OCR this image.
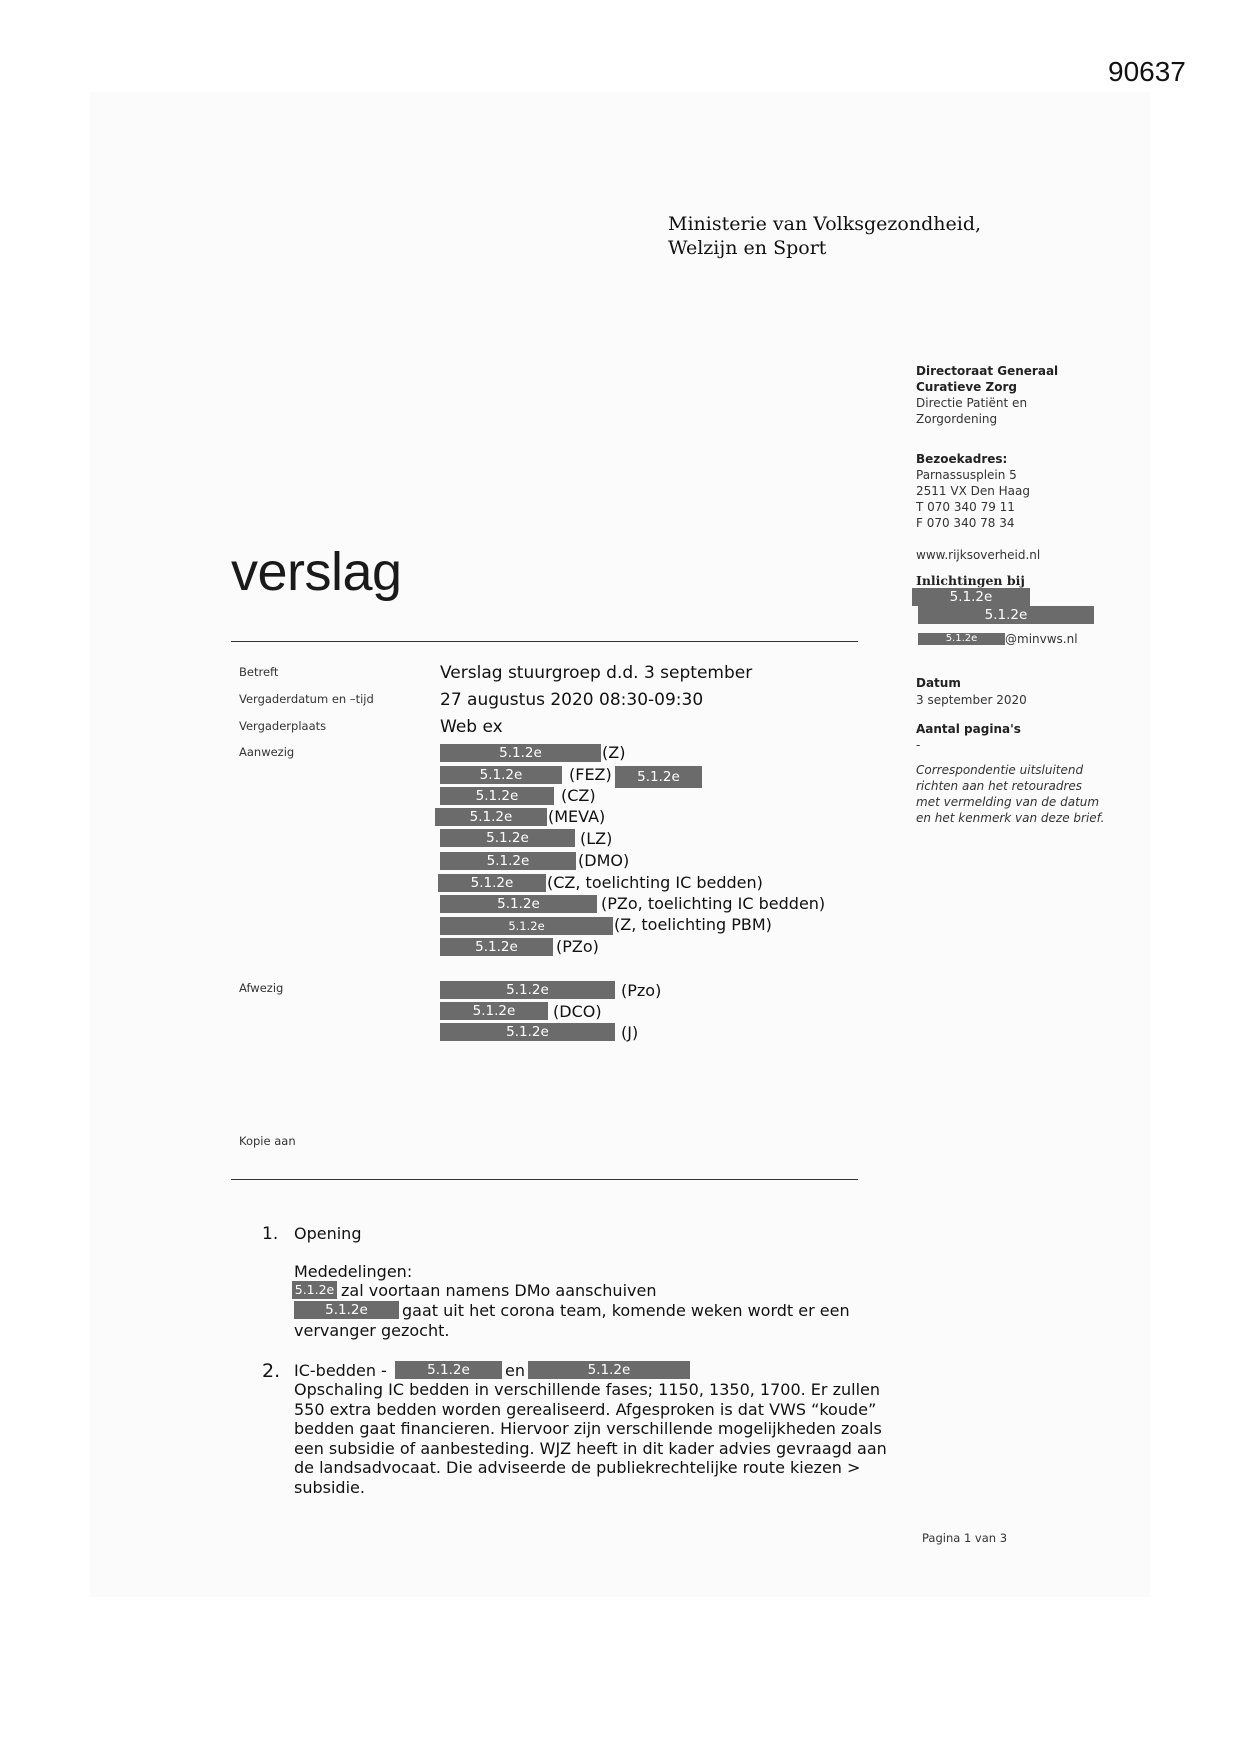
90637
Ministerie van Volksgezondheid,
Welzijn en Sport
Directoraat Generaal
Curatieve Zorg
Directie Patiënt en
Zorgordening
Bezoekadres:
Parnassusplein 5
2511 VX Den Haag
T 070 340 79 11
F 070 340 78 34
www.rijksoverheid.nl
Inlichtingen bij
5.1.2e
5.1.2e
5.1.2e	@minvws.nl
Datum
3 september 2020
Aantal pagina's
-
Correspondentie uitsluitend richten aan het retouradres met vermelding van de datum en het kenmerk van deze brief.
verslag
Betreft	Verslag stuurgroep d.d. 3 september
Vergaderdatum en –tijd	27 augustus 2020 08:30-09:30
Vergaderplaats	Web ex
Aanwezig	5.1.2e	(Z)
5.1.2e	(FEZ)	5.1.2e
5.1.2e	(CZ)
5.1.2e	(MEVA)
5.1.2e	(LZ)
5.1.2e	(DMO)
5.1.2e	(CZ, toelichting IC bedden)
5.1.2e	(PZo, toelichting IC bedden)
5.1.2e	(Z, toelichting PBM)
5.1.2e	(PZo)
Afwezig	5.1.2e	(Pzo)
5.1.2e	(DCO)
5.1.2e	(J)
Kopie aan
1. Opening
Mededelingen:
5.1.2e zal voortaan namens DMo aanschuiven
5.1.2e	gaat uit het corona team, komende weken wordt er een
vervanger gezocht.
2. IC-bedden -	5.1.2e	en	5.1.2e
Opschaling IC bedden in verschillende fases; 1150, 1350, 1700. Er zullen
550 extra bedden worden gerealiseerd. Afgesproken is dat VWS “koude”
bedden gaat financieren. Hiervoor zijn verschillende mogelijkheden zoals
een subsidie of aanbesteding. WJZ heeft in dit kader advies gevraagd aan
de landsadvocaat. Die adviseerde de publiekrechtelijke route kiezen >
subsidie.
Pagina 1 van 3
